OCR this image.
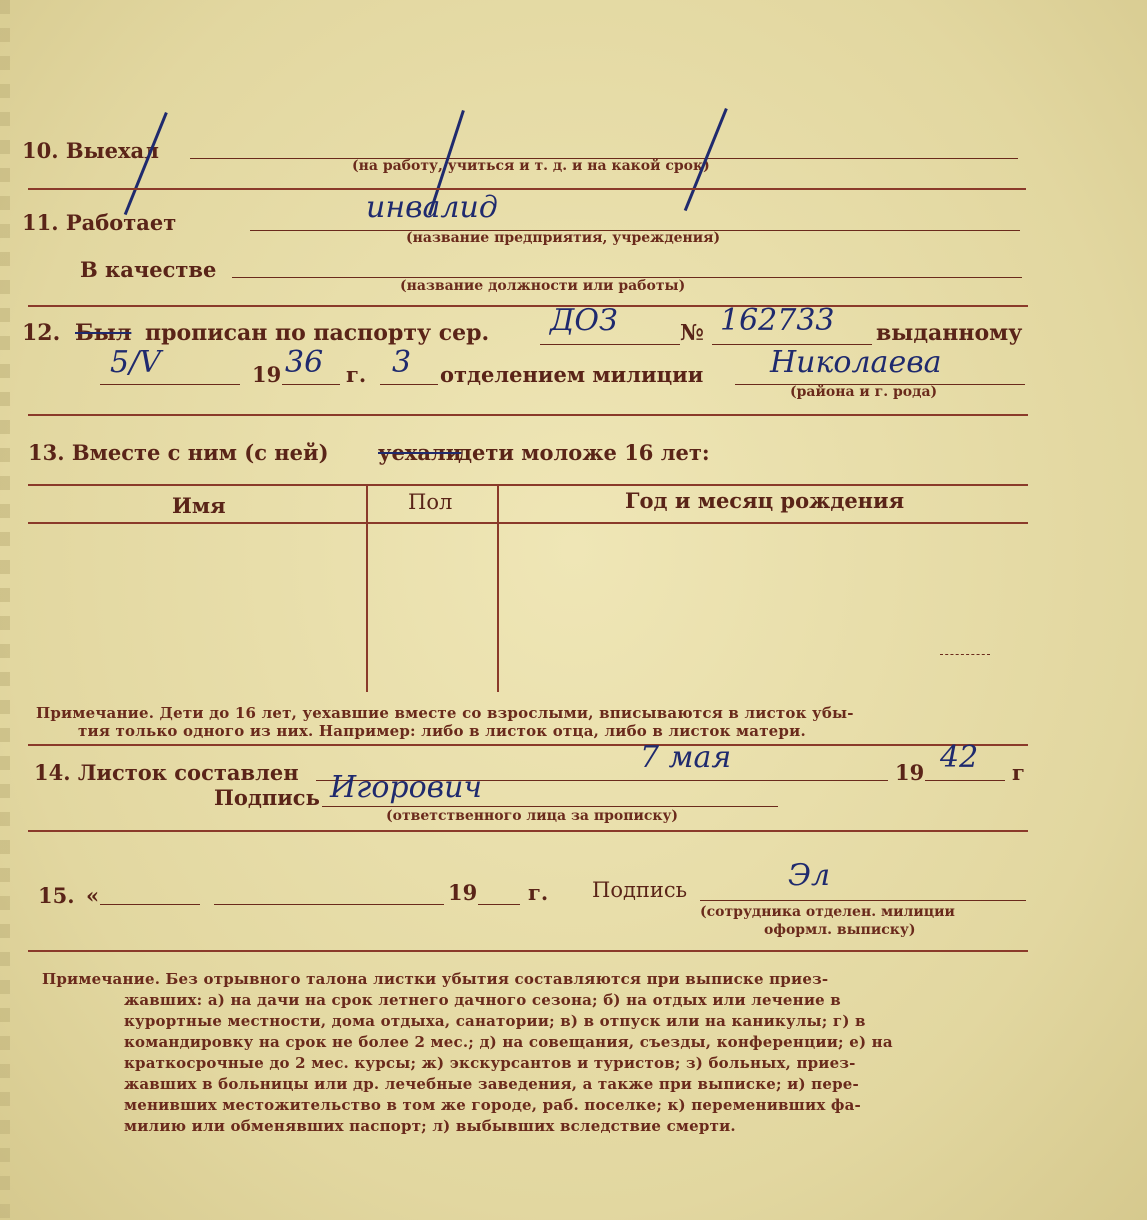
10. Выехал
(на работу, учиться и т. д. и на какой срок)
11. Работает	инвалид
(название предприятия, учреждения)
В качестве
(название должности или работы)
12. Был прописан по паспорту сер. ДОЗ	№ 162733 выданному
5/V	19 36 г. 3 отделением милиции Николаева
(района и г. рода)
13. Вместе с ним (с ней) уехали
дети моложе 16 лет:
Имя	Пол	Год и месяц рождения
Примечание. Дети до 16 лет, уехавшие вместе со взрослыми, вписываются в листок убы-
тия только одного из них. Например: либо в листок отца, либо в листок матери.
14. Листок составлен	7 мая	19 42 г
Подпись Игорович
(ответственного лица за прописку)
15. «	19 г. Подпись	Эл
(сотрудника отделен. милиции
оформл. выписку)
Примечание. Без отрывного талона листки убытия составляются при выписке приез-
жавших: а) на дачи на срок летнего дачного сезона; б) на отдых или лечение в
курортные местности, дома отдыха, санатории; в) в отпуск или на каникулы; г) в
командировку на срок не более 2 мес.; д) на совещания, съезды, конференции; е) на
краткосрочные до 2 мес. курсы; ж) экскурсантов и туристов; з) больных, приез-
жавших в больницы или др. лечебные заведения, а также при выписке; и) пере-
менивших местожительство в том же городе, раб. поселке; к) переменивших фа-
милию или обменявших паспорт; л) выбывших вследствие смерти.
